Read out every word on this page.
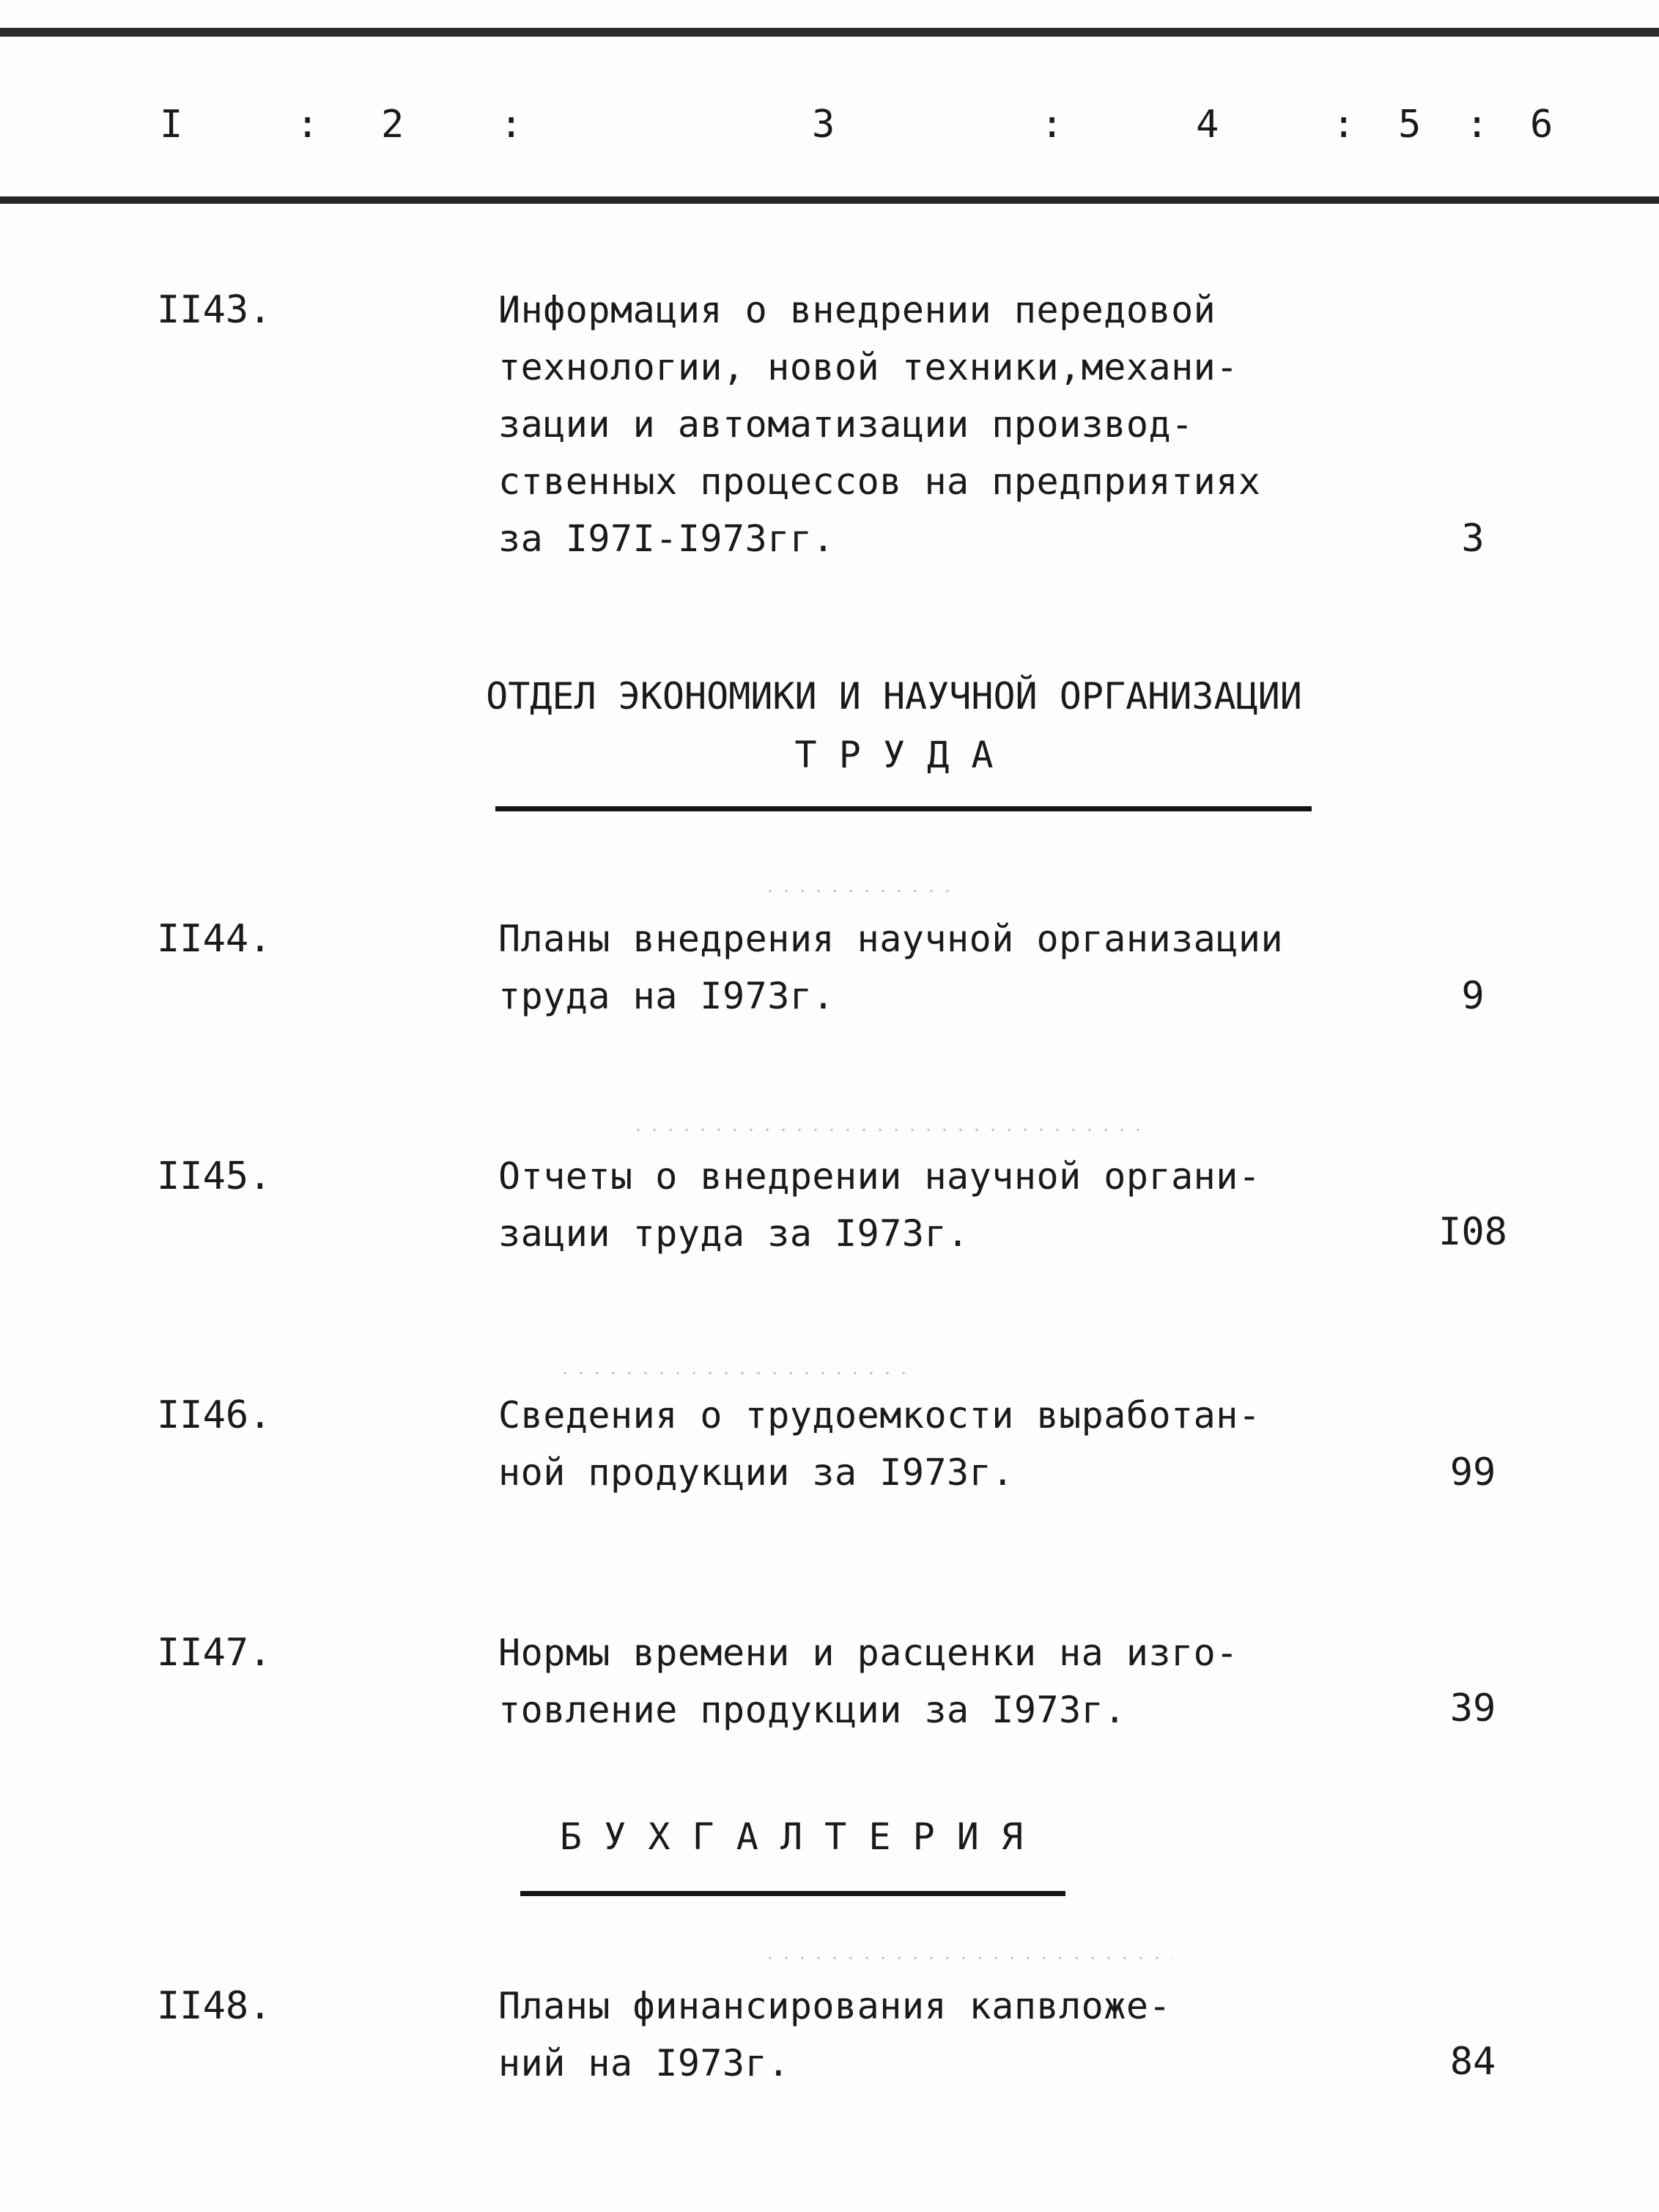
I	: 2	:	3	:	4	: 5 : 6
II43.	Информация о внедрении передовой
технологии, новой техники,механи-
зации и автоматизации производ-
ственных процессов на предприятиях
за I97I-I973гг.	3
ОТДЕЛ ЭКОНОМИКИ И НАУЧНОЙ ОРГАНИЗАЦИИ
Т Р У Д А
II44.	Планы внедрения научной организации
труда на I973г.	9
II45.	Отчеты о внедрении научной органи-
зации труда за I973г.	I08
II46.	Сведения о трудоемкости выработан-
ной продукции за I973г.	99
II47.	Нормы времени и расценки на изго-
товление продукции за I973г.	39
Б У Х Г А Л Т Е Р И Я
II48.	Планы финансирования капвложе-
ний на I973г.	84
